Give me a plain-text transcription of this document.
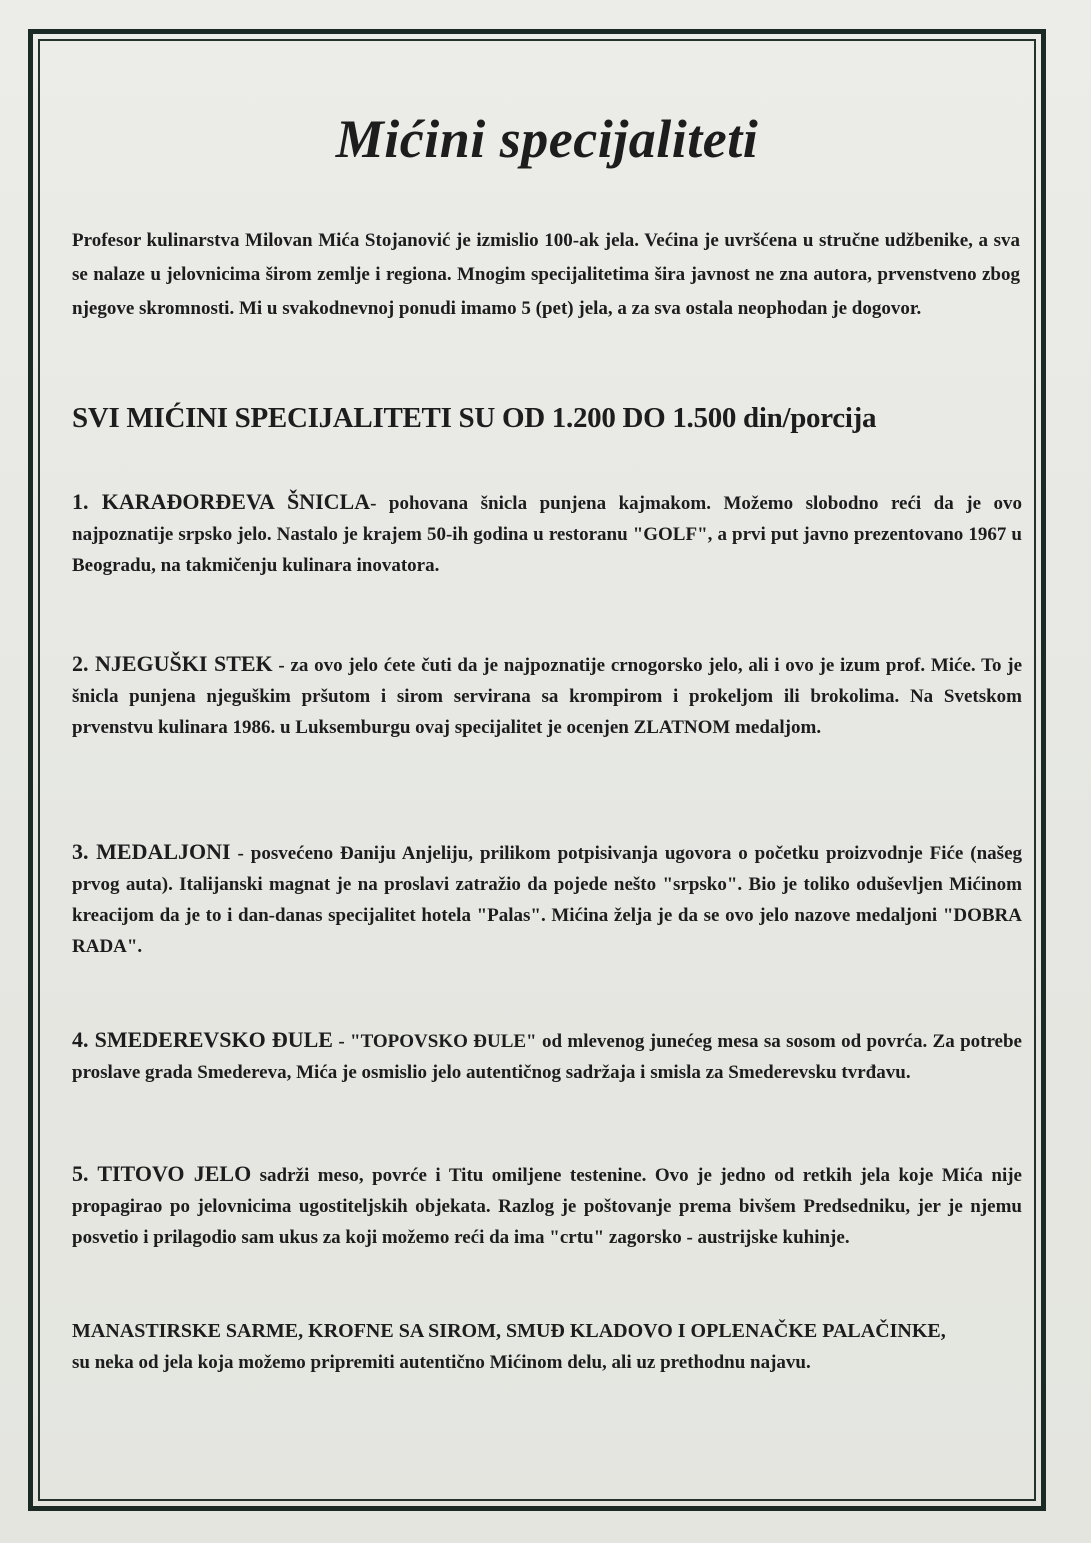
Mićini specijaliteti

Profesor kulinarstva Milovan Mića Stojanović je izmislio 100-ak jela. Većina je uvršćena u stručne udžbenike, a sva se nalaze u jelovnicima širom zemlje i regiona. Mnogim specijalitetima šira javnost ne zna autora, prvenstveno zbog njegove skromnosti. Mi u svakodnevnoj ponudi imamo 5 (pet) jela, a za sva ostala neophodan je dogovor.

SVI MIĆINI SPECIJALITETI SU OD 1.200 DO 1.500 din/porcija

1. KARAĐORĐEVA ŠNICLA- pohovana šnicla punjena kajmakom. Možemo slobodno reći da je ovo najpoznatije srpsko jelo. Nastalo je krajem 50-ih godina u restoranu "GOLF", a prvi put javno prezentovano 1967 u Beogradu, na takmičenju kulinara inovatora.

2. NJEGUŠKI STEK - za ovo jelo ćete čuti da je najpoznatije crnogorsko jelo, ali i ovo je izum prof. Miće. To je šnicla punjena njeguškim pršutom i sirom servirana sa krompirom i prokeljom ili brokolima. Na Svetskom prvenstvu kulinara 1986. u Luksemburgu ovaj specijalitet je ocenjen ZLATNOM medaljom.

3. MEDALJONI - posvećeno Đaniju Anjeliju, prilikom potpisivanja ugovora o početku proizvodnje Fiće (našeg prvog auta). Italijanski magnat je na proslavi zatražio da pojede nešto "srpsko". Bio je toliko oduševljen Mićinom kreacijom da je to i dan-danas specijalitet hotela "Palas". Mićina želja je da se ovo jelo nazove medaljoni "DOBRA RADA".

4. SMEDEREVSKO ĐULE - "TOPOVSKO ĐULE" od mlevenog junećeg mesa sa sosom od povrća. Za potrebe proslave grada Smedereva, Mića je osmislio jelo autentičnog sadržaja i smisla za Smederevsku tvrđavu.

5. TITOVO JELO sadrži meso, povrće i Titu omiljene testenine. Ovo je jedno od retkih jela koje Mića nije propagirao po jelovnicima ugostiteljskih objekata. Razlog je poštovanje prema bivšem Predsedniku, jer je njemu posvetio i prilagodio sam ukus za koji možemo reći da ima "crtu" zagorsko - austrijske kuhinje.

MANASTIRSKE SARME, KROFNE SA SIROM, SMUĐ KLADOVO I OPLENAČKE PALAČINKE,
su neka od jela koja možemo pripremiti autentično Mićinom delu, ali uz prethodnu najavu.
